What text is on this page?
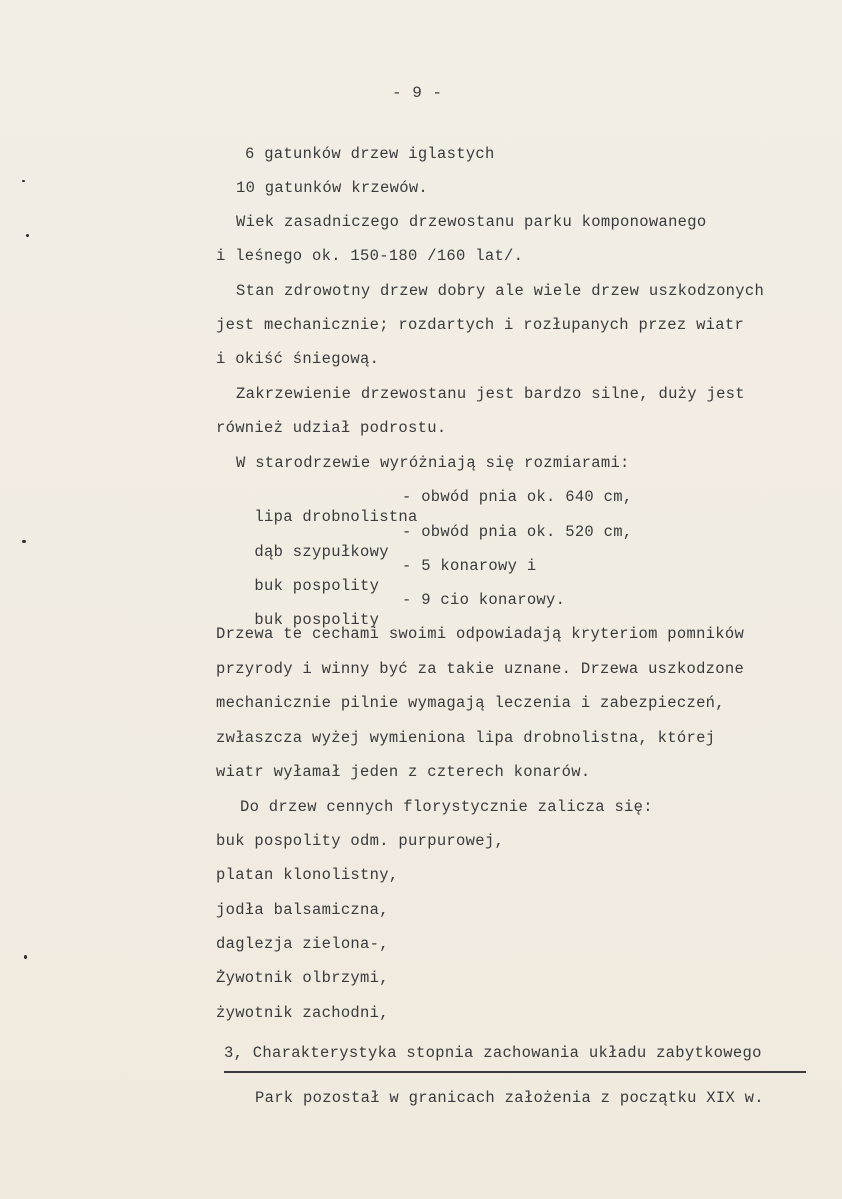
- 9 -
6 gatunków drzew iglastych
10 gatunków krzewów.
Wiek zasadniczego drzewostanu parku komponowanego
i leśnego ok. 150-180 /160 lat/.
Stan zdrowotny drzew dobry ale wiele drzew uszkodzonych
jest mechanicznie; rozdartych i rozłupanych przez wiatr
i okiść śniegową.
Zakrzewienie drzewostanu jest bardzo silne, duży jest
również udział podrostu.
W starodrzewie wyróżniają się rozmiarami:

lipa drobnolistna

- obwód pnia ok. 640 cm,

dąb szypułkowy

- obwód pnia ok. 520 cm,

buk pospolity

- 5 konarowy i

buk pospolity

- 9 cio konarowy.

Drzewa te cechami swoimi odpowiadają kryteriom pomników
przyrody i winny być za takie uznane. Drzewa uszkodzone
mechanicznie pilnie wymagają leczenia i zabezpieczeń,
zwłaszcza wyżej wymieniona lipa drobnolistna, której
wiatr wyłamał jeden z czterech konarów.
Do drzew cennych florystycznie zalicza się:
buk pospolity odm. purpurowej,
platan klonolistny,
jodła balsamiczna,
daglezja zielona-,
Żywotnik olbrzymi,
żywotnik zachodni,
3, Charakterystyka stopnia zachowania układu zabytkowego
Park pozostał w granicach założenia z początku XIX w.
